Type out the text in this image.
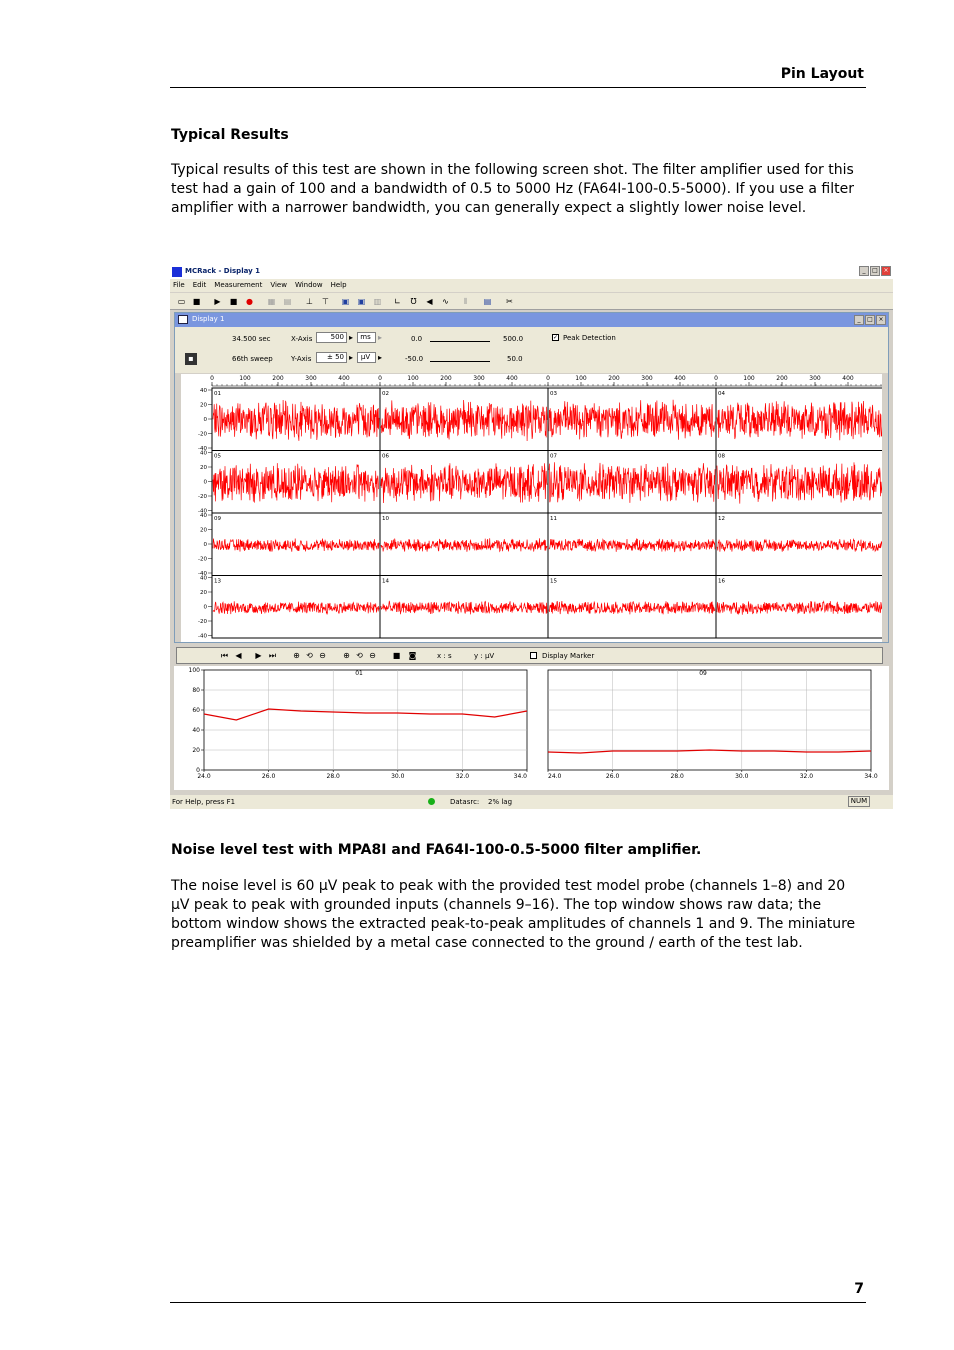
Pin Layout
Typical Results
Typical results of this test are shown in the following screen shot. The filter amplifier used for this test had a gain of 100 and a bandwidth of 0.5 to 5000 Hz (FA64I-100-0.5-5000). If you use a filter amplifier with a narrower bandwidth, you can generally expect a slightly lower noise level.
MCRack - Display 1	_	□ ×
File Edit Measurement View Window Help
▭ ■	▶	■ ● ▦ ▤ ⊥ ⊤ ▣ ▣ ▥ ∟	Ʊ	◀	∿	⫴	▤ ✂
Display 1	_	□ ×
34.500 sec
66th sweep
▪
X-Axis	500 ▸	ms ▸
Y-Axis	± 50 ▸	µV ▸
0.0	500.0
-50.0	50.0
✓ Peak Detection
0	100	200	300	400	0	100	200	300	400	0	100	200	300	400	0	100	200	300	400
40
20
0
-20
-40
40
20
0
-20
-40
40
20
0
-20
-40
40
20
0
-20
-40
01	02	03	04
05	06	07	08
09	10	11	12
13	14	15	16
⏮ ◀	▶ ⏭ ⊕ ⟲ ⊖ ⊕ ⟲ ⊖ ■ ◙	x : s	y : µV	Display Marker
24.0	26.0	28.0	30.0	32.0	34.0
01
24.0	26.0	28.0	30.0	32.0	34.0
09
100
80
60
40
20
0
For Help, press F1	Datasrc: 2% lag	NUM
Noise level test with MPA8I and FA64I-100-0.5-5000 filter amplifier.
The noise level is 60 µV peak to peak with the provided test model probe (channels 1–8) and 20 µV peak to peak with grounded inputs (channels 9–16). The top window shows raw data; the bottom window shows the extracted peak-to-peak amplitudes of channels 1 and 9. The miniature preamplifier was shielded by a metal case connected to the ground / earth of the test lab.
7
